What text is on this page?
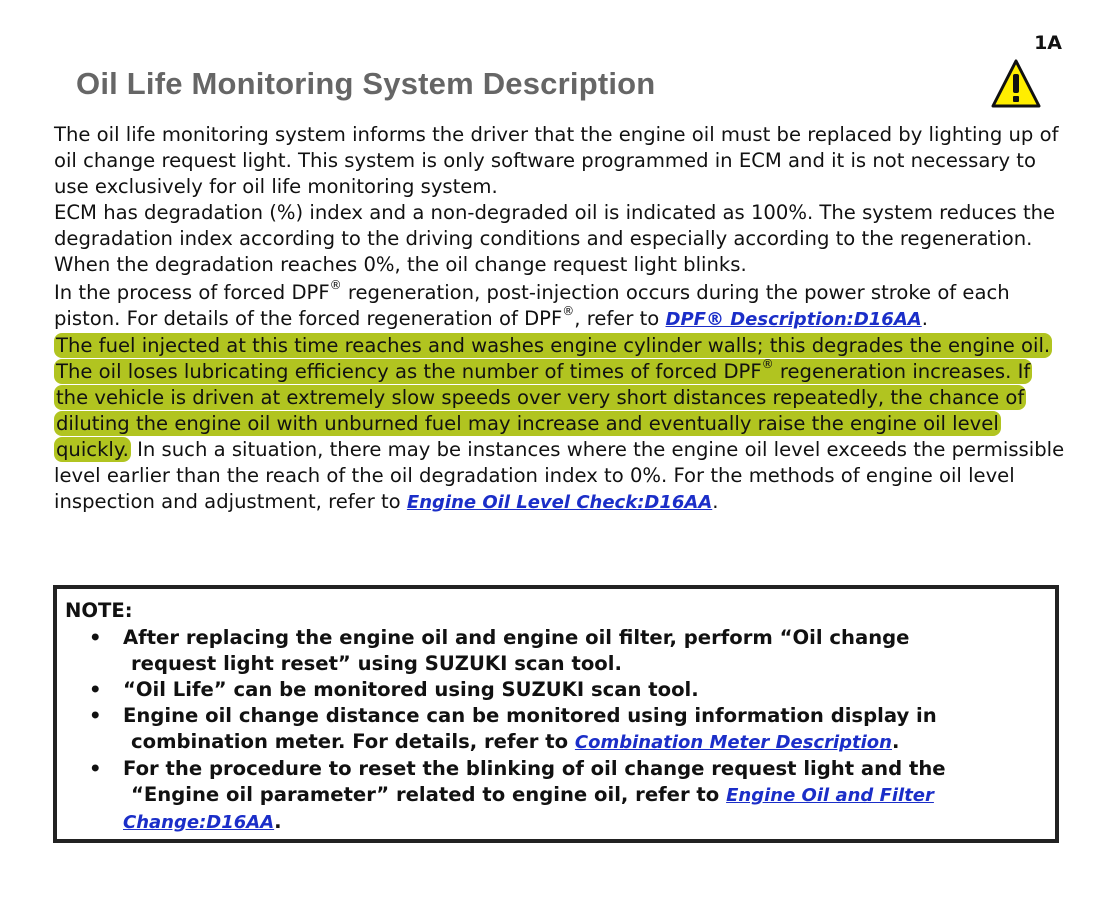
1A
Oil Life Monitoring System Description

The oil life monitoring system informs the driver that the engine oil must be replaced by lighting up of oil change request light. This system is only software programmed in ECM and it is not necessary to use exclusively for oil life monitoring system.

ECM has degradation (%) index and a non-degraded oil is indicated as 100%. The system reduces the degradation index according to the driving conditions and especially according to the regeneration. When the degradation reaches 0%, the oil change request light blinks.

In the process of forced DPF® regeneration, post-injection occurs during the power stroke of each piston. For details of the forced regeneration of DPF®, refer to DPF® Description:D16AA.

The fuel injected at this time reaches and washes engine cylinder walls; this degrades the engine oil. The oil loses lubricating efficiency as the number of times of forced DPF® regeneration increases. If the vehicle is driven at extremely slow speeds over very short distances repeatedly, the chance of diluting the engine oil with unburned fuel may increase and eventually raise the engine oil level quickly. In such a situation, there may be instances where the engine oil level exceeds the permissible level earlier than the reach of the oil degradation index to 0%. For the methods of engine oil level inspection and adjustment, refer to Engine Oil Level Check:D16AA.

NOTE:
• After replacing the engine oil and engine oil filter, perform “Oil change
request light reset” using SUZUKI scan tool.
• “Oil Life” can be monitored using SUZUKI scan tool.
• Engine oil change distance can be monitored using information display in
combination meter. For details, refer to Combination Meter Description.
• For the procedure to reset the blinking of oil change request light and the
“Engine oil parameter” related to engine oil, refer to Engine Oil and Filter Change:D16AA.
